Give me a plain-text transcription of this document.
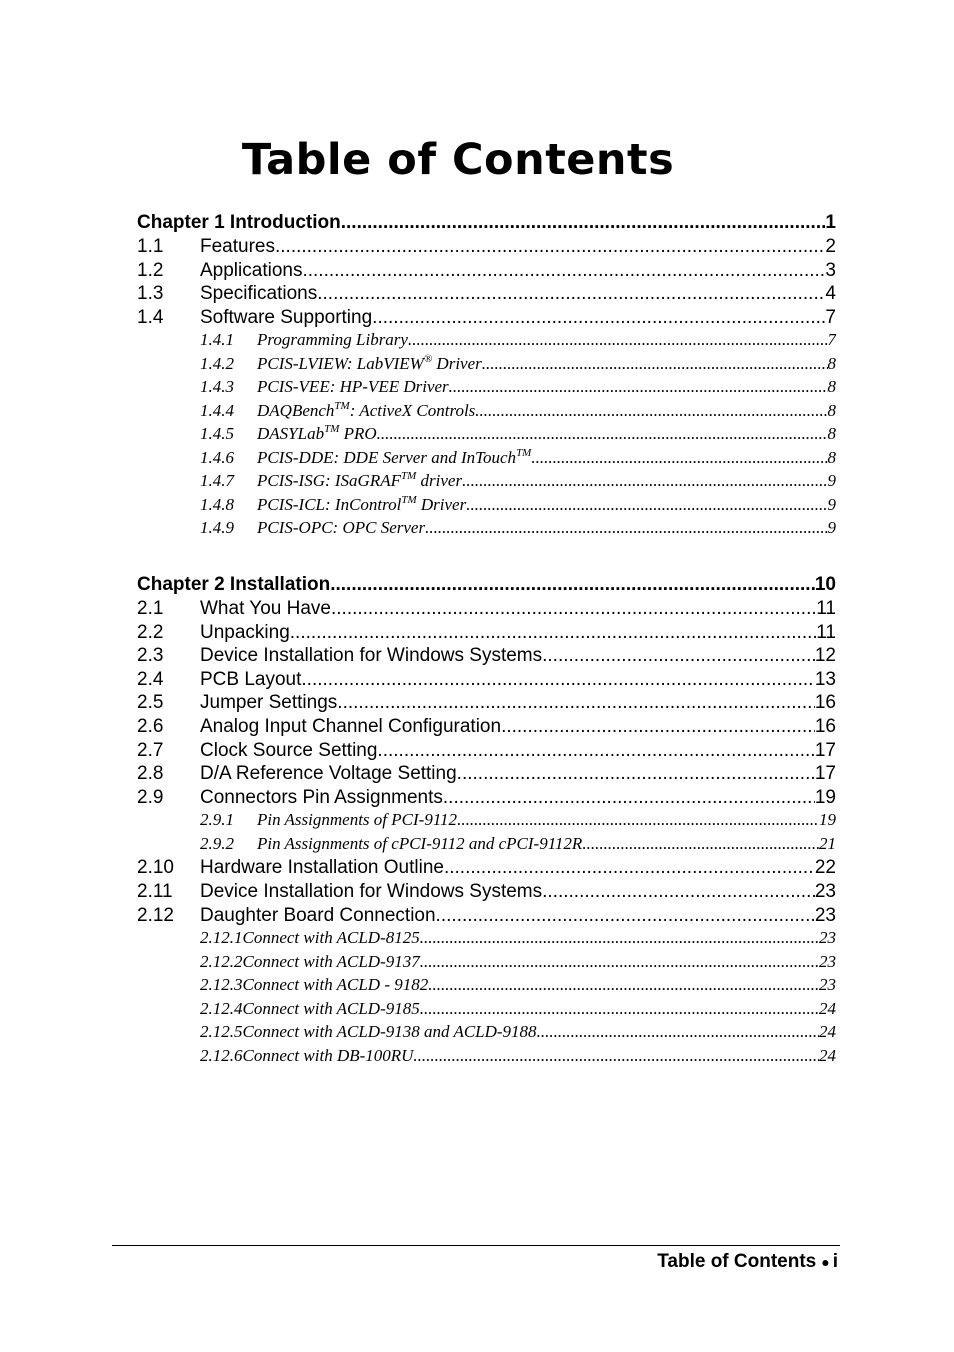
Table of Contents
Chapter 1 Introduction .....	1
1.1	Features .....	2
1.2	Applications .....	3
1.3	Specifications .....	4
1.4	Software Supporting .....	7
1.4.1	Programming Library .....	7
1.4.2	PCIS-LVIEW: LabVIEW® Driver .....	8
1.4.3	PCIS-VEE: HP-VEE Driver .....	8
1.4.4	DAQBench™: ActiveX Controls .....	8
1.4.5	DASYLab™ PRO .....	8
1.4.6	PCIS-DDE: DDE Server and InTouch™ .....	8
1.4.7	PCIS-ISG: ISaGRAF™ driver .....	9
1.4.8	PCIS-ICL: InControl™ Driver .....	9
1.4.9	PCIS-OPC: OPC Server .....	9
Chapter 2 Installation .....	10
2.1	What You Have .....	11
2.2	Unpacking .....	11
2.3	Device Installation for Windows Systems .....	12
2.4	PCB Layout .....	13
2.5	Jumper Settings .....	16
2.6	Analog Input Channel Configuration .....	16
2.7	Clock Source Setting .....	17
2.8	D/A Reference Voltage Setting .....	17
2.9	Connectors Pin Assignments .....	19
2.9.1	Pin Assignments of PCI-9112 .....	19
2.9.2	Pin Assignments of cPCI-9112 and cPCI-9112R .....	21
2.10	Hardware Installation Outline .....	22
2.11	Device Installation for Windows Systems .....	23
2.12	Daughter Board Connection .....	23
2.12.1 Connect with ACLD-8125 .....	23
2.12.2 Connect with ACLD-9137 .....	23
2.12.3 Connect with ACLD - 9182 .....	23
2.12.4 Connect with ACLD-9185 .....	24
2.12.5 Connect with ACLD-9138 and ACLD-9188 .....	24
2.12.6 Connect with DB-100RU .....	24
Table of Contents ● i
